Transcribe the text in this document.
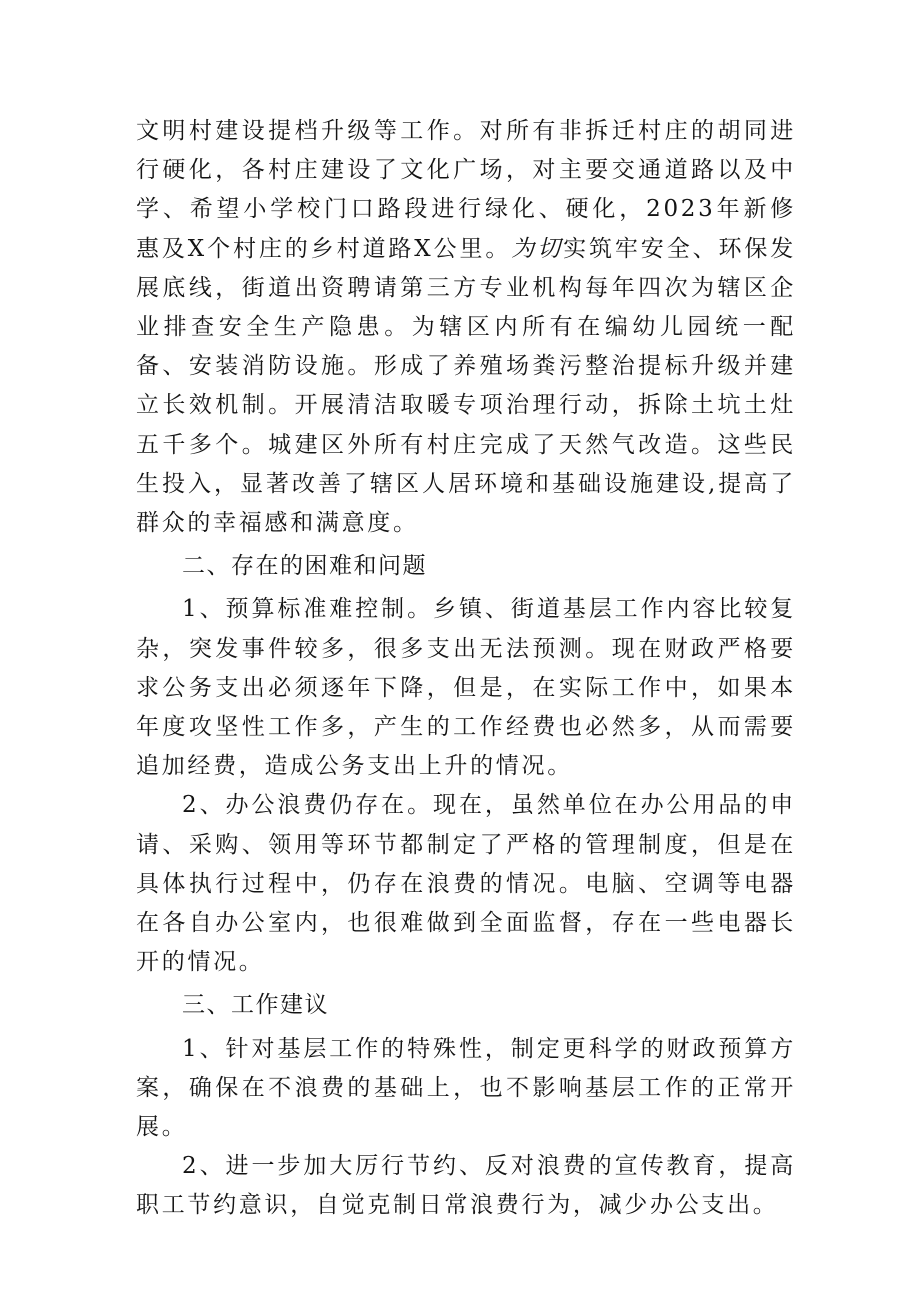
文明村建设提档升级等工作。对所有非拆迁村庄的胡同进行硬化，各村庄建设了文化广场，对主要交通道路以及中学、希望小学校门口路段进行绿化、硬化，2023年新修惠及X个村庄的乡村道路X公里。为切实筑牢安全、环保发展底线，街道出资聘请第三方专业机构每年四次为辖区企业排查安全生产隐患。为辖区内所有在编幼儿园统一配备、安装消防设施。形成了养殖场粪污整治提标升级并建立长效机制。开展清洁取暖专项治理行动，拆除土坑土灶五千多个。城建区外所有村庄完成了天然气改造。这些民生投入，显著改善了辖区人居环境和基础设施建设,提高了群众的幸福感和满意度。

二、存在的困难和问题

1、预算标准难控制。乡镇、街道基层工作内容比较复杂，突发事件较多，很多支出无法预测。现在财政严格要求公务支出必须逐年下降，但是，在实际工作中，如果本年度攻坚性工作多，产生的工作经费也必然多，从而需要追加经费，造成公务支出上升的情况。

2、办公浪费仍存在。现在，虽然单位在办公用品的申请、采购、领用等环节都制定了严格的管理制度，但是在具体执行过程中，仍存在浪费的情况。电脑、空调等电器在各自办公室内，也很难做到全面监督，存在一些电器长开的情况。

三、工作建议

1、针对基层工作的特殊性，制定更科学的财政预算方案，确保在不浪费的基础上，也不影响基层工作的正常开展。

2、进一步加大厉行节约、反对浪费的宣传教育，提高职工节约意识，自觉克制日常浪费行为，减少办公支出。
